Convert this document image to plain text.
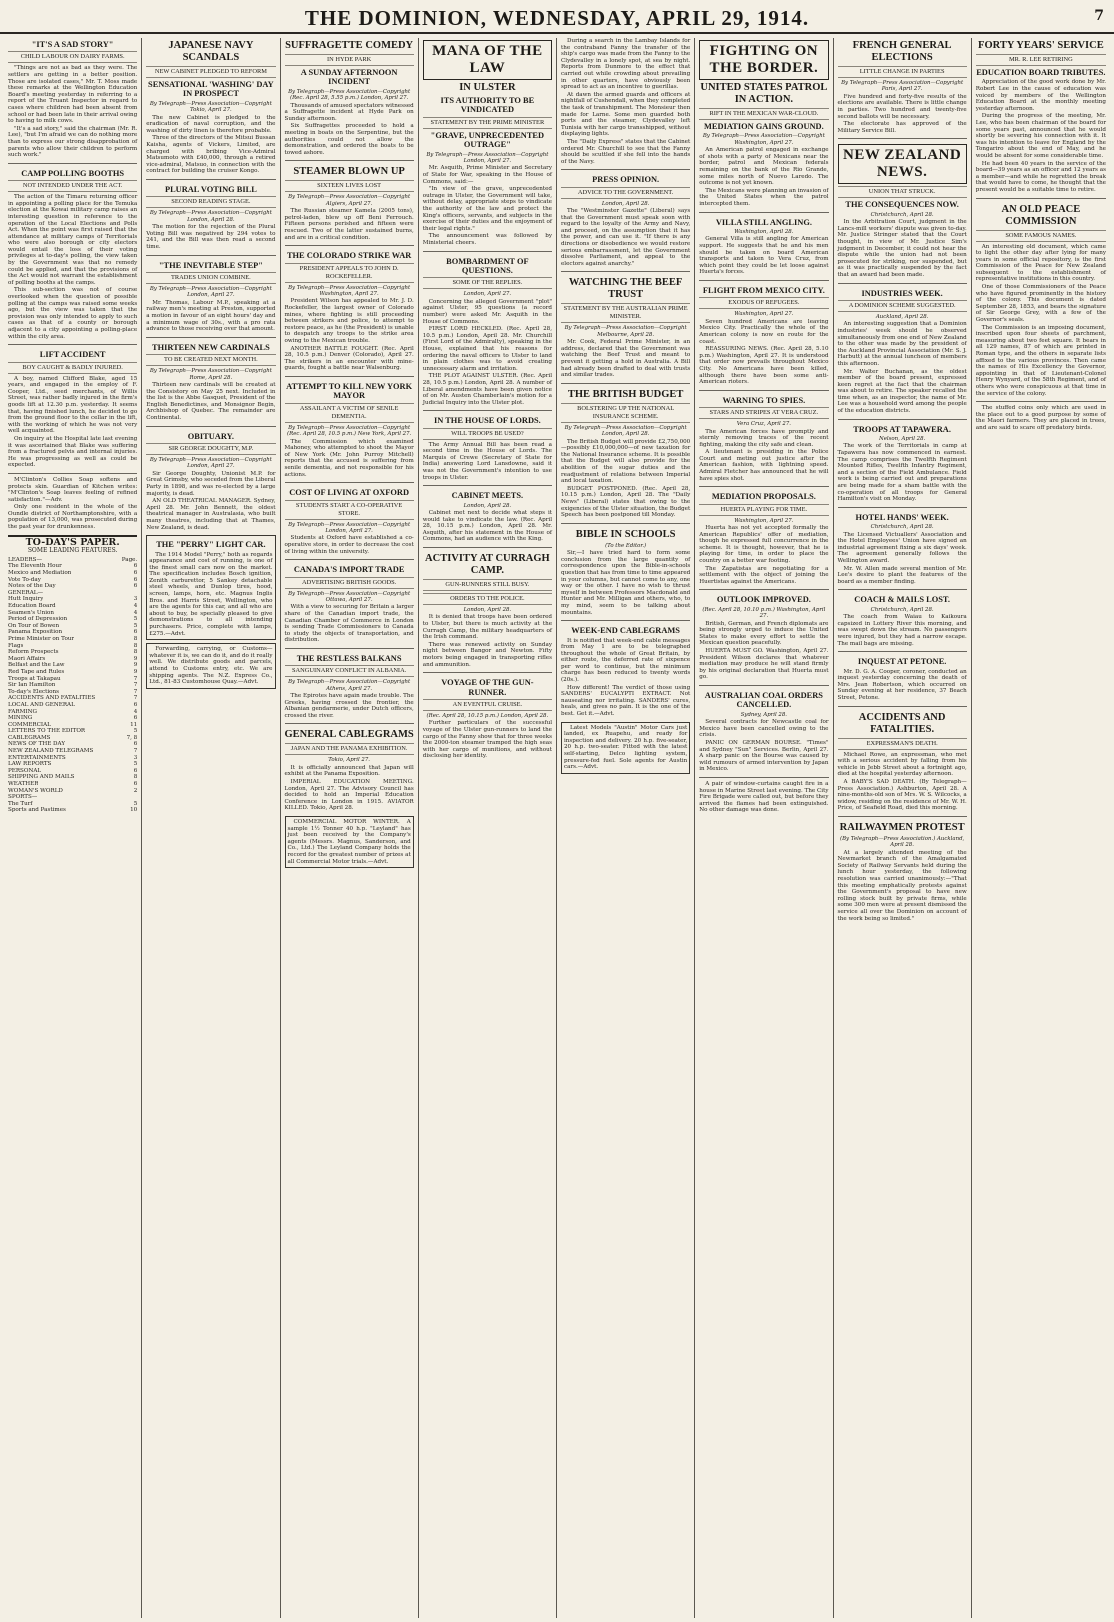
THE DOMINION, WEDNESDAY, APRIL 29, 1914.	7
"IT'S A SAD STORY"
CHILD LABOUR ON DAIRY FARMS.

"Things are not as bad as they were. The settlers are getting in a better position. Those are isolated cases," Mr. T. Moss made these remarks at the Wellington Education Board's meeting yesterday in referring to a report of the Truant Inspector in regard to cases where children had been absent from school or had been late in their arrival owing to having to milk cows.

"It's a sad story," said the chairman (Mr. R. Lee), "but I'm afraid we can do nothing more than to express our strong disapprobation of parents who allow their children to perform such work."

CAMP POLLING BOOTHS
NOT INTENDED UNDER THE ACT.

The action of the Timaru returning officer in appointing a polling place for the Temuka election at the Kowai military camp raises an interesting question in reference to the operation of the Local Elections and Polls Act. When the point was first raised that the attendance at military camps of Territorials who were also borough or city electors would entail the loss of their voting privileges at to-day's polling, the view taken by the Government was that no remedy could be applied, and that the provisions of the Act would not warrant the establishment of polling booths at the camps.

This sub-section was not of course overlooked when the question of possible polling at the camps was raised some weeks ago, but the view was taken that the provision was only intended to apply to such cases as that of a county or borough adjacent to a city appointing a polling-place within the city area.

LIFT ACCIDENT
BOY CAUGHT & BADLY INJURED.

A boy, named Clifford Blake, aged 15 years, and engaged in the employ of F. Cooper, Ltd., seed merchants, of Willis Street, was rather badly injured in the firm's goods lift at 12.30 p.m. yesterday. It seems that, having finished lunch, he decided to go from the ground floor to the cellar in the lift, with the working of which he was not very well acquainted.

On inquiry at the Hospital late last evening it was ascertained that Blake was suffering from a fractured pelvis and internal injuries. He was progressing as well as could be expected.

M'Clinton's Collies Soap softens and protects skin. Guardian of Kitchen writes: "M'Clinton's Soap leaves feeling of refined satisfaction."—Adv.

Only one resident in the whole of the Oundle district of Northamptonshire, with a population of 13,000, was prosecuted during the past year for drunkenness.

TO-DAY'S PAPER.
SOME LEADING FEATURES.
LEADERS—	Page.
The Eleventh Hour	6
Mexico and Mediation	6
Vote To-day	6
Notes of the Day	6
GENERAL—
Hutt Inquiry	3
Education Board	4
Seamen's Union	4
Period of Depression	5
On Tour of Bowen	5
Panama Exposition	6
Prime Minister on Tour	8
Flags	8
Reform Prospects	8
Maori Affairs	9
Belfast and the Law	9
Red Tape and Rules	9
Troops at Takapau	7
Sir Ian Hamilton	7
To-day's Elections	7
ACCIDENTS AND FATALITIES	7
LOCAL AND GENERAL	6
FARMING	4
MINING	6
COMMERCIAL	11
LETTERS TO THE EDITOR	5
CABLEGRAMS	7, 8
NEWS OF THE DAY	6
NEW ZEALAND TELEGRAMS	7
ENTERTAINMENTS	3
LAW REPORTS	5
PERSONAL	6
SHIPPING AND MAILS	8
WEATHER	6
WOMAN'S WORLD	2
SPORTS—
The Turf	5
Sports and Pastimes	10
JAPANESE NAVY SCANDALS
NEW CABINET PLEDGED TO REFORM
SENSATIONAL 'WASHING' DAY IN PROSPECT
By Telegraph—Press Association—Copyright Tokio, April 27.

The new Cabinet is pledged to the eradication of naval corruption, and the washing of dirty linen is therefore probable.

Three of the directors of the Mitsui Bussan Kaisha, agents of Vickers, Limited, are charged with bribing Vice-Admiral Matsumoto with £40,000, through a retired vice-admiral, Matsuo, in connection with the contract for building the cruiser Kongo.

PLURAL VOTING BILL
SECOND READING STAGE.
By Telegraph—Press Association—Copyright London, April 28.

The motion for the rejection of the Plural Voting Bill was negatived by 294 votes to 241, and the Bill was then read a second time.

"THE INEVITABLE STEP"
TRADES UNION COMBINE.
By Telegraph—Press Association—Copyright London, April 27.

Mr. Thomas, Labour M.P., speaking at a railway men's meeting at Preston, supported a motion in favour of an eight hours' day and a minimum wage of 30s., with a pro rata advance to those receiving over that amount.

THIRTEEN NEW CARDINALS
TO BE CREATED NEXT MONTH.
By Telegraph—Press Association—Copyright Rome, April 28.

Thirteen new cardinals will be created at the Consistory on May 25 next. Included in the list is the Abbe Gasquet, President of the English Benedictines, and Monsignor Begin, Archbishop of Quebec. The remainder are Continental.

OBITUARY.
SIR GEORGE DOUGHTY, M.P.
By Telegraph—Press Association—Copyright London, April 27.

Sir George Doughty, Unionist M.P. for Great Grimsby, who seceded from the Liberal Party in 1898, and was re-elected by a large majority, is dead.

AN OLD THEATRICAL MANAGER. Sydney, April 28. Mr. John Bennett, the oldest theatrical manager in Australasia, who built many theatres, including that at Thames, New Zealand, is dead.

THE "PERRY" LIGHT CAR.

The 1914 Model "Perry," both as regards appearance and cost of running, is one of the finest small cars now on the market. The specification includes Bosch ignition, Zenith carburettor, 5 Sankey detachable steel wheels, and Dunlop tires, hood, screen, lamps, horn, etc. Magnus Inglis Bros. and Harris Street, Wellington, who are the agents for this car, and all who are about to buy, be specially pleased to give demonstrations to all intending purchasers. Price, complete with lamps, £275.—Advt.

Forwarding, carrying, or Customs—whatever it is, we can do it, and do it really well. We distribute goods and parcels, attend to Customs entry, etc. We are shipping agents. The N.Z. Express Co., Ltd., 81-83 Customhouse Quay.—Advt.

SUFFRAGETTE COMEDY
IN HYDE PARK
A SUNDAY AFTERNOON INCIDENT
By Telegraph—Press Association—Copyright (Rec. April 28, 5.55 p.m.) London, April 27.

Thousands of amused spectators witnessed a Suffragette incident at Hyde Park on Sunday afternoon.

Six Suffragettes proceeded to hold a meeting in boats on the Serpentine, but the authorities could not allow the demonstration, and ordered the boats to be towed ashore.

STEAMER BLOWN UP
SIXTEEN LIVES LOST
By Telegraph—Press Association—Copyright Algiers, April 27.

The Russian steamer Kamela (2005 tons), petrol-laden, blew up off Beni Ferrouch. Fifteen persons perished and fifteen were rescued. Two of the latter sustained burns, and are in a critical condition.

THE COLORADO STRIKE WAR
PRESIDENT APPEALS TO JOHN D. ROCKEFELLER.
By Telegraph—Press Association—Copyright Washington, April 27.

President Wilson has appealed to Mr. J. D. Rockefeller, the largest owner of Colorado mines, where fighting is still proceeding between strikers and police, to attempt to restore peace, as he (the President) is unable to despatch any troops to the strike area owing to the Mexican trouble.

ANOTHER BATTLE FOUGHT. (Rec. April 28, 10.5 p.m.) Denver (Colorado), April 27. The strikers in an encounter with mine-guards, fought a battle near Walsenburg.

ATTEMPT TO KILL NEW YORK MAYOR
ASSAILANT A VICTIM OF SENILE DEMENTIA.
By Telegraph—Press Association—Copyright (Rec. April 28, 10.5 p.m.) New York, April 27.

The Commission which examined Mahoney, who attempted to shoot the Mayor of New York (Mr. John Purroy Mitchell) reports that the accused is suffering from senile dementia, and not responsible for his actions.

COST OF LIVING AT OXFORD
STUDENTS START A CO-OPERATIVE STORE.
By Telegraph—Press Association—Copyright London, April 27.

Students at Oxford have established a co-operative store, in order to decrease the cost of living within the university.

CANADA'S IMPORT TRADE
ADVERTISING BRITISH GOODS.
By Telegraph—Press Association—Copyright Ottawa, April 27.

With a view to securing for Britain a larger share of the Canadian import trade, the Canadian Chamber of Commerce in London is sending Trade Commissioners to Canada to study the objects of transportation, and distribution.

THE RESTLESS BALKANS
SANGUINARY CONFLICT IN ALBANIA.
By Telegraph—Press Association—Copyright Athens, April 27.

The Epirotes have again made trouble. The Greeks, having crossed the frontier, the Albanian gendarmerie, under Dutch officers, crossed the river.

GENERAL CABLEGRAMS
JAPAN AND THE PANAMA EXHIBITION.
Tokio, April 27.

It is officially announced that Japan will exhibit at the Panama Exposition.

IMPERIAL EDUCATION MEETING. London, April 27. The Advisory Council has decided to hold an Imperial Education Conference in London in 1915. AVIATOR KILLED. Tokio, April 28.

COMMERCIAL MOTOR WINTER. A sample 1½ Tonner 40 h.p. "Leyland" has just been received by the Company's agents (Messrs. Magnus, Sanderson, and Co., Ltd.) The Leyland Company holds the record for the greatest number of prizes at all Commercial Motor trials.—Advt.

MANA OF THE LAW
IN ULSTER
ITS AUTHORITY TO BE VINDICATED
STATEMENT BY THE PRIME MINISTER
"GRAVE, UNPRECEDENTED OUTRAGE"
By Telegraph—Press Association—Copyright London, April 27.

Mr. Asquith, Prime Minister and Secretary of State for War, speaking in the House of Commons, said:—

"In view of the grave, unprecedented outrage in Ulster, the Government will take, without delay, appropriate steps to vindicate the authority of the law and protect the King's officers, servants, and subjects in the exercise of their duties and the enjoyment of their legal rights."

The announcement was followed by Ministerial cheers.

BOMBARDMENT OF QUESTIONS.
SOME OF THE REPLIES.
London, April 27.

Concerning the alleged Government "plot" against Ulster, 95 questions (a record number) were asked Mr. Asquith in the House of Commons.

FIRST LORD HECKLED. (Rec. April 28, 10.5 p.m.) London, April 28. Mr. Churchill (First Lord of the Admiralty), speaking in the House, explained that his reasons for ordering the naval officers to Ulster to land in plain clothes was to avoid creating unnecessary alarm and irritation.

THE PLOT AGAINST ULSTER. (Rec. April 28, 10.5 p.m.) London, April 28. A number of Liberal amendments have been given notice of on Mr. Austen Chamberlain's motion for a Judicial Inquiry into the Ulster plot.

IN THE HOUSE OF LORDS.
WILL TROOPS BE USED?

The Army Annual Bill has been read a second time in the House of Lords. The Marquis of Crewe (Secretary of State for India) answering Lord Lansdowne, said it was not the Government's intention to use troops in Ulster.

CABINET MEETS.
London, April 28.

Cabinet met next to decide what steps it would take to vindicate the law. (Rec. April 28, 10.15 p.m.) London, April 28. Mr. Asquith, after his statement in the House of Commons, had an audience with the King.

ACTIVITY AT CURRAGH CAMP.
GUN-RUNNERS STILL BUSY.
ORDERS TO THE POLICE.
London, April 28.

It is denied that troops have been ordered to Ulster, but there is much activity at the Curragh Camp, the military headquarters of the Irish command.

There was renewed activity on Sunday night between Bangor and Newton. Fifty motors being engaged in transporting rifles and ammunition.

VOYAGE OF THE GUN-RUNNER.
AN EVENTFUL CRUISE.
(Rec. April 28, 10.15 p.m.) London, April 28.

Further particulars of the successful voyage of the Ulster gun-runners to land the cargo of the Fanny show that for three weeks the 2000-ton steamer tramped the high seas with her cargo of munitions, and without disclosing her identity.

During a search in the Lambay Islands for the contraband Fanny the transfer of the ship's cargo was made from the Fanny to the Clydevalley in a lonely spot, at sea by night. Reports from Dunmore to the effect that carried out while crowding about prevailing in other quarters, have obviously been spread to act as an incentive to guerillas.

At dawn the armed guards and officers at nightfall of Cushendall, when they completed the task of transhipment. The Monsieur then made for Larne. Some men guarded both ports and the steamer, Clydevalley left Tunisia with her cargo transshipped, without displaying lights.

The "Daily Express" states that the Cabinet ordered Mr. Churchill to see that the Fanny should be scuttled if she fell into the hands of the Navy.

PRESS OPINION.
ADVICE TO THE GOVERNMENT.
London, April 28.

The "Westminster Gazette" (Liberal) says that the Government must speak soon with regard to the loyalty of the Army and Navy, and proceed, on the assumption that it has the power, and can use it. "If there is any directions or disobedience we would restore serious embarrassment, let the Government dissolve Parliament, and appeal to the electors against anarchy."

WATCHING THE BEEF TRUST
STATEMENT BY THE AUSTRALIAN PRIME MINISTER.
By Telegraph—Press Association—Copyright Melbourne, April 28.

Mr. Cook, Federal Prime Minister, in an address, declared that the Government was watching the Beef Trust and meant to prevent it getting a hold in Australia. A Bill had already been drafted to deal with trusts and similar trades.

THE BRITISH BUDGET
BOLSTERING UP THE NATIONAL INSURANCE SCHEME.
By Telegraph—Press Association—Copyright London, April 28.

The British Budget will provide £2,750,000—possibly £10,000,000—of new taxation for the National Insurance scheme. It is possible that the Budget will also provide for the abolition of the sugar duties and the readjustment of relations between Imperial and local taxation.

BUDGET POSTPONED. (Rec. April 28, 10.15 p.m.) London, April 28. The "Daily News" (Liberal) states that owing to the exigencies of the Ulster situation, the Budget Speech has been postponed till Monday.

BIBLE IN SCHOOLS
(To the Editor.)

Sir,—I have tried hard to form some conclusion from the large quantity of correspondence upon the Bible-in-schools question that has from time to time appeared in your columns, but cannot come to any, one way or the other. I have no wish to thrust myself in between Professors Macdonald and Hunter and Mr. Milligan and others, who, to my mind, seem to be talking about mountains.

WEEK-END CABLEGRAMS

It is notified that week-end cable messages from May 1 are to be telegraphed throughout the whole of Great Britain, by either route, the deferred rate of sixpence per word to continue, but the minimum charge has been reduced to twenty words (20s.).

How different! The verdict of those using SANDERS' EUCALYPTI EXTRACT. Not nauseating nor irritating. SANDERS' cures, heals, and gives no pain. It is the one of the best. Get it.—Advt.

Latest Models "Austin" Motor Cars just landed, ex Ruapehu, and ready for inspection and delivery. 20 h.p. five-seater, 20 h.p. two-seater. Fitted with the latest self-starting, Delco lighting system, pressure-fed fuel. Sole agents for Austin cars.—Advt.

FIGHTING ON THE BORDER.
UNITED STATES PATROL IN ACTION.
RIFT IN THE MEXICAN WAR-CLOUD.
MEDIATION GAINS GROUND.
By Telegraph—Press Association—Copyright Washington, April 27.

An American patrol engaged in exchange of shots with a party of Mexicans near the border, patrol and Mexican federals remaining on the bank of the Rio Grande, some miles north of Nuevo Laredo. The outcome is not yet known.

The Mexicans were planning an invasion of the United States when the patrol intercepted them.

VILLA STILL ANGLING.
Washington, April 28.

General Villa is still angling for American support. He suggests that he and his men should be taken on board American transports and taken to Vera Cruz, from which point they could be let loose against Huerta's forces.

FLIGHT FROM MEXICO CITY.
EXODUS OF REFUGEES.
Washington, April 27.

Seven hundred Americans are leaving Mexico City. Practically the whole of the American colony is now en route for the coast.

REASSURING NEWS. (Rec. April 28, 5.10 p.m.) Washington, April 27. It is understood that order now prevails throughout Mexico City. No Americans have been killed, although there have been some anti-American rioters.

WARNING TO SPIES.
STARS AND STRIPES AT VERA CRUZ.
Vera Cruz, April 27.

The American forces have promptly and sternly removing traces of the recent fighting, making the city safe and clean.

A lieutenant is presiding in the Police Court and meting out justice after the American fashion, with lightning speed. Admiral Fletcher has announced that he will have spies shot.

MEDIATION PROPOSALS.
HUERTA PLAYING FOR TIME.
Washington, April 27.

Huerta has not yet accepted formally the American Republics' offer of mediation, though he expressed full concurrence in the scheme. It is thought, however, that he is playing for time, in order to place the country on a better war footing.

The Zapatistas are negotiating for a settlement with the object of joining the Huertistas against the Americans.

OUTLOOK IMPROVED.
(Rec. April 28, 10.10 p.m.) Washington, April 27.

British, German, and French diplomats are being strongly urged to induce the United States to make every effort to settle the Mexican question peacefully.

HUERTA MUST GO. Washington, April 27. President Wilson declares that whatever mediation may produce he will stand firmly by his original declaration that Huerta must go.

AUSTRALIAN COAL ORDERS CANCELLED.
Sydney, April 28.

Several contracts for Newcastle coal for Mexico have been cancelled owing to the crisis.

PANIC ON GERMAN BOURSE. "Times" and Sydney "Sun" Services. Berlin, April 27. A sharp panic on the Bourse was caused by wild rumours of armed intervention by Japan in Mexico.

A pair of window-curtains caught fire in a house in Marine Street last evening. The City Fire Brigade were called out, but before they arrived the flames had been extinguished. No other damage was done.

FRENCH GENERAL ELECTIONS
LITTLE CHANGE IN PARTIES
By Telegraph—Press Association—Copyright Paris, April 27.

Five hundred and forty-five results of the elections are available. There is little change in parties. Two hundred and twenty-five second ballots will be necessary.

The electorate has approved of the Military Service Bill.

NEW ZEALAND NEWS.
UNION THAT STRUCK.
THE CONSEQUENCES NOW.
Christchurch, April 28.

In the Arbitration Court, judgment in the Lancs-mill workers' dispute was given to-day. Mr. Justice Stringer stated that the Court thought, in view of Mr. Justice Sim's judgment in December, it could not hear the dispute while the union had not been prosecuted for striking, nor suspended, but as it was practically suspended by the fact that an award had been made.

INDUSTRIES WEEK.
A DOMINION SCHEME SUGGESTED.
Auckland, April 28.

An interesting suggestion that a Dominion industries' week should be observed simultaneously from one end of New Zealand to the other was made by the president of the Auckland Provincial Association (Mr. S. J. Harbutt) at the annual luncheon of members this afternoon.

Mr. Walter Buchanan, as the oldest member of the board present, expressed keen regret at the fact that the chairman was about to retire. The speaker recalled the time when, as an inspector, the name of Mr. Lee was a household word among the people of the education districts.

TROOPS AT TAPAWERA.
Nelson, April 28.

The work of the Territorials in camp at Tapawera has now commenced in earnest. The camp comprises the Twelfth Regiment Mounted Rifles, Twelfth Infantry Regiment, and a section of the Field Ambulance. Field work is being carried out and preparations are being made for a sham battle with the co-operation of all troops for General Hamilton's visit on Monday.

HOTEL HANDS' WEEK.
Christchurch, April 28.

The Licensed Victuallers' Association and the Hotel Employees' Union have signed an industrial agreement fixing a six days' week. The agreement generally follows the Wellington award.

Mr. W. Allen made several mention of Mr. Lee's desire to plant the features of the board as a member finding.

COACH & MAILS LOST.
Christchurch, April 28.

The coach from Waiau to Kaikoura capsized in Lottery River this morning, and was swept down the stream. No passengers were injured, but they had a narrow escape. The mail bags are missing.

INQUEST AT PETONE.

Mr. D. G. A. Cooper, coroner, conducted an inquest yesterday concerning the death of Mrs. Jean Robertson, which occurred on Sunday evening at her residence, 37 Beach Street, Petone.

ACCIDENTS AND FATALITIES.
EXPRESSMAN'S DEATH.

Michael Rowe, an expressman, who met with a serious accident by falling from his vehicle in Jebb Street about a fortnight ago, died at the hospital yesterday afternoon.

A BABY'S SAD DEATH. (By Telegraph—Press Association.) Ashburton, April 28. A nine-months-old son of Mrs. W. S. Wilcocks, a widow, residing on the residence of Mr. W. H. Price, of Seafield Road, died this morning.

RAILWAYMEN PROTEST
(By Telegraph—Press Association.) Auckland, April 28.

At a largely attended meeting of the Newmarket branch of the Amalgamated Society of Railway Servants held during the lunch hour yesterday, the following resolution was carried unanimously:—"That this meeting emphatically protests against the Government's proposal to have new rolling stock built by private firms, while some 300 men were at present dismissed the service all over the Dominion on account of the work being so limited."

FORTY YEARS' SERVICE
MR. R. LEE RETIRING
EDUCATION BOARD TRIBUTES.

Appreciation of the good work done by Mr. Robert Lee in the cause of education was voiced by members of the Wellington Education Board at the monthly meeting yesterday afternoon.

During the progress of the meeting, Mr. Lee, who has been chairman of the board for some years past, announced that he would shortly be severing his connection with it. It was his intention to leave for England by the Tongariro about the end of May, and he would be absent for some considerable time.

He had been 40 years in the service of the board—39 years as an officer and 12 years as a member—and while he regretted the break that would have to come, he thought that the present would be a suitable time to retire.

AN OLD PEACE COMMISSION
SOME FAMOUS NAMES.

An interesting old document, which came to light the other day after lying for many years in some official repository, is the first Commission of the Peace for New Zealand subsequent to the establishment of representative institutions in this country.

One of those Commissioners of the Peace who have figured prominently in the history of the colony. This document is dated September 28, 1853, and bears the signature of Sir George Grey, with a few of the Governor's seals.

The Commission is an imposing document, inscribed upon four sheets of parchment, measuring about two feet square. It bears in all 129 names, 87 of which are printed in Roman type, and the others in separate lists affixed to the various provinces. Then came the names of His Excellency the Governor, appointing in that of Lieutenant-Colonel Henry Wynyard, of the 58th Regiment, and of others who were conspicuous at that time in the service of the colony.

The stuffed coins only which are used in the place out to a good purpose by some of the Maori farmers. They are placed in trees, and are said to scare off predatory birds.
